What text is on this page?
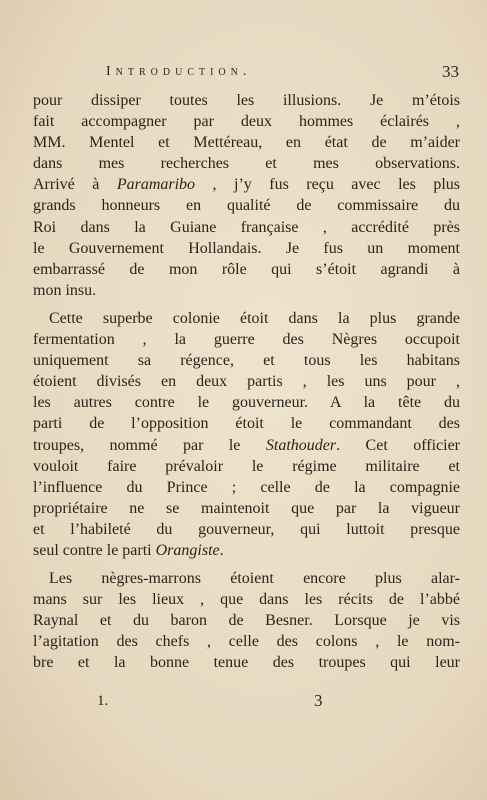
Introduction.	33
pour dissiper toutes les illusions. Je m’étois
fait accompagner par deux hommes éclairés ,
MM. Mentel et Mettéreau, en état de m’aider
dans mes recherches et mes observations.
Arrivé à Paramaribo , j’y fus reçu avec les plus
grands honneurs en qualité de commissaire du
Roi dans la Guiane française , accrédité près
le Gouvernement Hollandais. Je fus un moment
embarrassé de mon rôle qui s’étoit agrandi à
mon insu.
Cette superbe colonie étoit dans la plus grande
fermentation , la guerre des Nègres occupoit
uniquement sa régence, et tous les habitans
étoient divisés en deux partis , les uns pour ,
les autres contre le gouverneur. A la tête du
parti de l’opposition étoit le commandant des
troupes, nommé par le Stathouder. Cet officier
vouloit faire prévaloir le régime militaire et
l’influence du Prince ; celle de la compagnie
propriétaire ne se maintenoit que par la vigueur
et l’habileté du gouverneur, qui luttoit presque
seul contre le parti Orangiste.
Les nègres-marrons étoient encore plus alar-
mans sur les lieux , que dans les récits de l’abbé
Raynal et du baron de Besner. Lorsque je vis
l’agitation des chefs , celle des colons , le nom-
bre et la bonne tenue des troupes qui leur
1.	3
